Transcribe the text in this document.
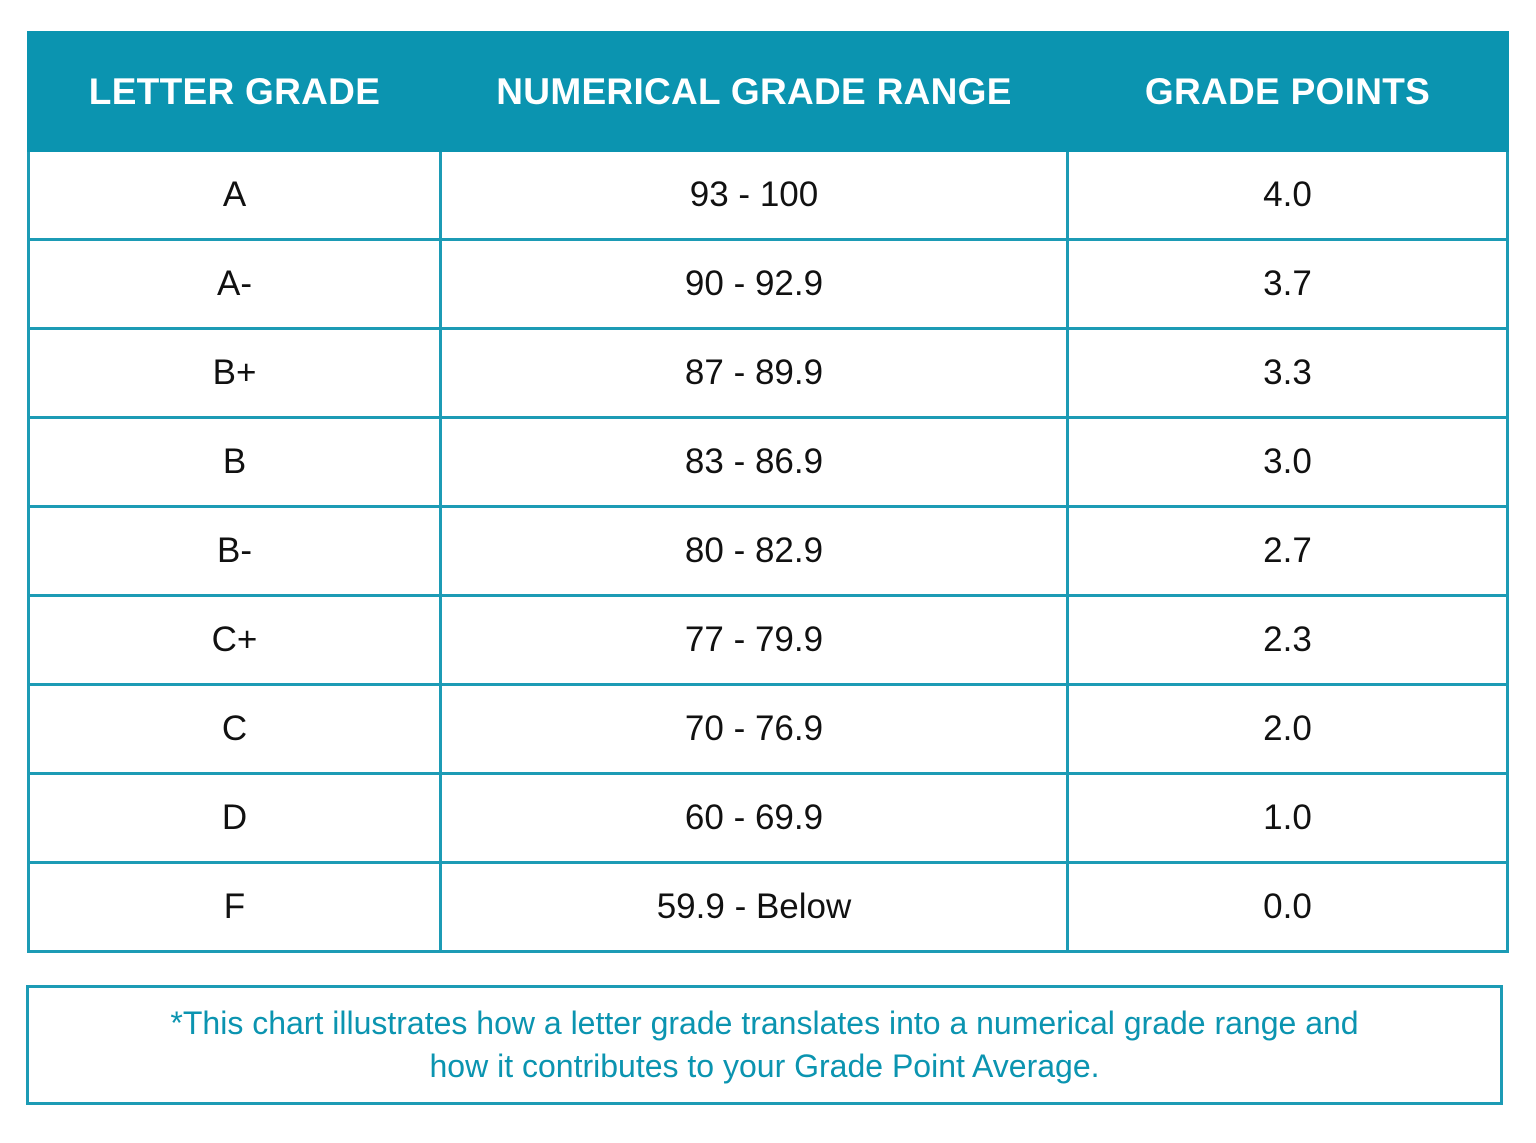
LETTER GRADE	NUMERICAL GRADE RANGE	GRADE POINTS
A	93 - 100	4.0
A-	90 - 92.9	3.7
B+	87 - 89.9	3.3
B	83 - 86.9	3.0
B-	80 - 82.9	2.7
C+	77 - 79.9	2.3
C	70 - 76.9	2.0
D	60 - 69.9	1.0
F	59.9 - Below	0.0
*This chart illustrates how a letter grade translates into a numerical grade range and
how it contributes to your Grade Point Average.
